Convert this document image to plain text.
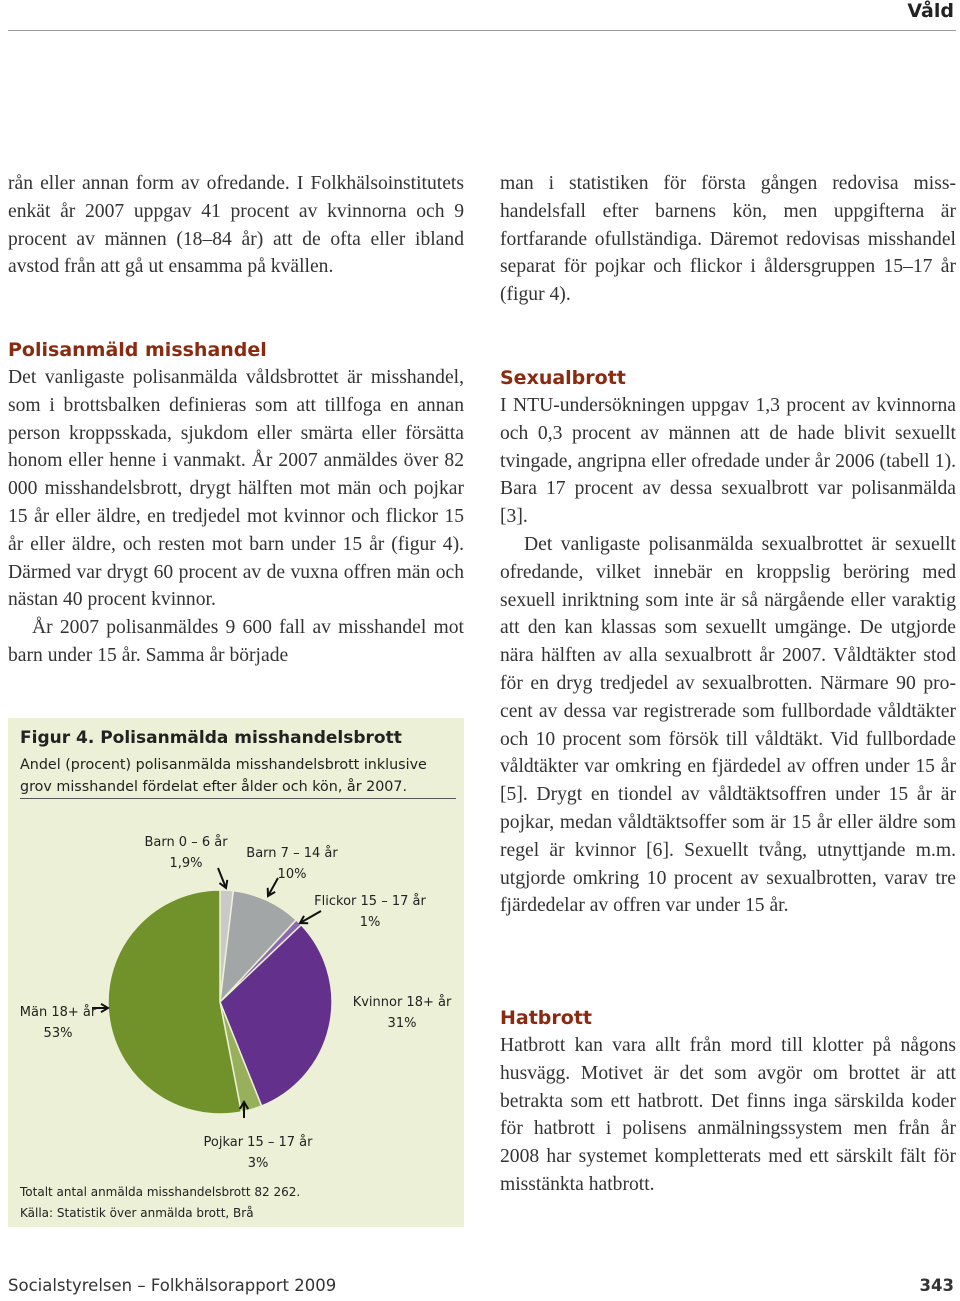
Våld

rån eller annan form av ofredande. I Folkhälsoinstitutets enkät år 2007 uppgav 41 procent av kvinnorna och 9 procent av männen (18–84 år) att de ofta eller ibland avstod från att gå ut ensamma på kvällen.

Polisanmäld misshandel

Det vanligaste polisanmälda våldsbrottet är misshandel, som i brottsbalken definieras som att tillfoga en annan person kroppsskada, sjukdom eller smärta eller försätta honom eller henne i vanmakt. År 2007 anmäldes över 82 000 misshandelsbrott, drygt hälften mot män och pojkar 15 år eller äldre, en tredjedel mot kvinnor och flickor 15 år eller äldre, och resten mot barn under 15 år (figur 4). Därmed var drygt 60 procent av de vuxna offren män och nästan 40 procent kvinnor.

År 2007 polisanmäldes 9 600 fall av misshandel mot barn under 15 år. Samma år började

Figur 4. Polisanmälda misshandelsbrott
Andel (procent) polisanmälda misshandelsbrott inklusive grov misshandel fördelat efter ålder och kön, år 2007.
Barn 0 – 6 år
1,9%
Barn 7 – 14 år
10%
Flickor 15 – 17 år
1%
Kvinnor 18+ år
31%
Pojkar 15 – 17 år
3%
Män 18+ år
53%
Totalt antal anmälda misshandelsbrott 82 262.
Källa: Statistik över anmälda brott, Brå

man i statistiken för första gången redovisa misshandelsfall efter barnens kön, men uppgifterna är fortfarande ofullständiga. Däremot redovisas misshandel separat för pojkar och flickor i åldersgruppen 15–17 år (figur 4).

Sexualbrott

I NTU-undersökningen uppgav 1,3 procent av kvinnorna och 0,3 procent av männen att de hade blivit sexuellt tvingade, angripna eller ofredade under år 2006 (tabell 1). Bara 17 procent av dessa sexualbrott var polisanmälda [3].

Det vanligaste polisanmälda sexualbrottet är sexuellt ofredande, vilket innebär en kroppslig beröring med sexuell inriktning som inte är så närgående eller varaktig att den kan klassas som sexuellt umgänge. De utgjorde nära hälften av alla sexualbrott år 2007. Våldtäkter stod för en dryg tredjedel av sexualbrotten. Närmare 90 procent av dessa var registrerade som fullbordade våldtäkter och 10 procent som försök till våldtäkt. Vid fullbordade våldtäkter var omkring en fjärdedel av offren under 15 år [5]. Drygt en tiondel av våldtäktsoffren under 15 år är pojkar, medan våldtäktsoffer som är 15 år eller äldre som regel är kvinnor [6]. Sexuellt tvång, utnyttjande m.m. utgjorde omkring 10 procent av sexualbrotten, varav tre fjärdedelar av offren var under 15 år.

Hatbrott

Hatbrott kan vara allt från mord till klotter på någons husvägg. Motivet är det som avgör om brottet är att betrakta som ett hatbrott. Det finns inga särskilda koder för hatbrott i polisens anmälningssystem men från år 2008 har systemet kompletterats med ett särskilt fält för misstänkta hatbrott.

Socialstyrelsen – Folkhälsorapport 2009	343
